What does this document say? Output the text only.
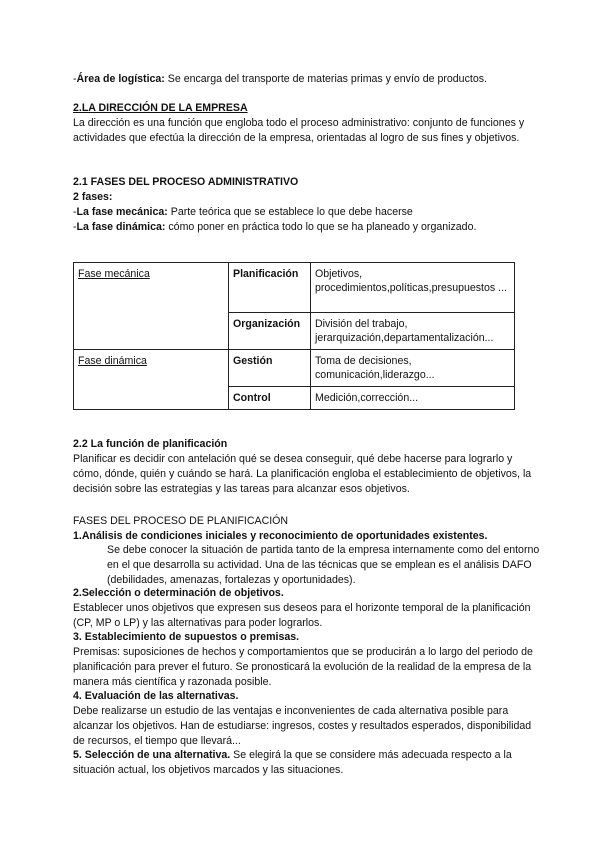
-Área de logística: Se encarga del transporte de materias primas y envío de productos.

2.LA DIRECCIÓN DE LA EMPRESA

La dirección es una función que engloba todo el proceso administrativo: conjunto de funciones y actividades que efectúa la dirección de la empresa, orientadas al logro de sus fines y objetivos.

2.1 FASES DEL PROCESO ADMINISTRATIVO

2 fases:

-La fase mecánica: Parte teórica que se establece lo que debe hacerse

-La fase dinámica: cómo poner en práctica todo lo que se ha planeado y organizado.

Fase mecánica	Planificación	Objetivos, procedimientos,políticas,presupuestos ...
	Organización	División del trabajo, jerarquización,departamentalización...
Fase dinámica	Gestión	Toma de decisiones, comunicación,liderazgo...
	Control	Medición,corrección...

2.2 La función de planificación

Planificar es decidir con antelación qué se desea conseguir, qué debe hacerse para lograrlo y cómo, dónde, quién y cuándo se hará. La planificación engloba el establecimiento de objetivos, la decisión sobre las estrategias y las tareas para alcanzar esos objetivos.

FASES DEL PROCESO DE PLANIFICACIÓN

1.Análisis de condiciones iniciales y reconocimiento de oportunidades existentes.

Se debe conocer la situación de partida tanto de la empresa internamente como del entorno en el que desarrolla su actividad. Una de las técnicas que se emplean es el análisis DAFO (debilidades, amenazas, fortalezas y oportunidades).

2.Selección o determinación de objetivos.

Establecer unos objetivos que expresen sus deseos para el horizonte temporal de la planificación (CP, MP o LP) y las alternativas para poder lograrlos.

3. Establecimiento de supuestos o premisas.

Premisas: suposiciones de hechos y comportamientos que se producirán a lo largo del periodo de planificación para prever el futuro. Se pronosticará la evolución de la realidad de la empresa de la manera más científica y razonada posible.

4. Evaluación de las alternativas.

Debe realizarse un estudio de las ventajas e inconvenientes de cada alternativa posible para alcanzar los objetivos. Han de estudiarse: ingresos, costes y resultados esperados, disponibilidad de recursos, el tiempo que llevará...

5. Selección de una alternativa. Se elegirá la que se considere más adecuada respecto a la situación actual, los objetivos marcados y las situaciones.
